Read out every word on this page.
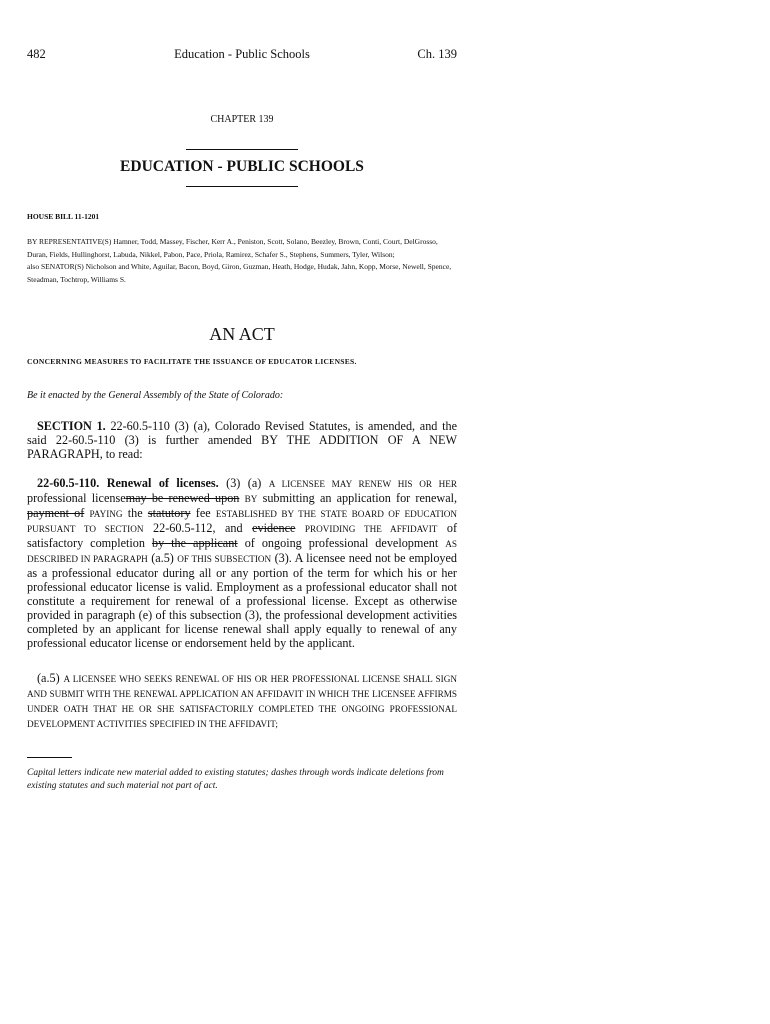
482	Education - Public Schools	Ch. 139
CHAPTER 139
EDUCATION - PUBLIC SCHOOLS
HOUSE BILL 11-1201
BY REPRESENTATIVE(S) Hamner, Todd, Massey, Fischer, Kerr A., Peniston, Scott, Solano, Beezley, Brown, Conti, Court, DelGrosso, Duran, Fields, Hullinghorst, Labuda, Nikkel, Pabon, Pace, Priola, Ramirez, Schafer S., Stephens, Summers, Tyler, Wilson;
also SENATOR(S) Nicholson and White, Aguilar, Bacon, Boyd, Giron, Guzman, Heath, Hodge, Hudak, Jahn, Kopp, Morse, Newell, Spence, Steadman, Tochtrop, Williams S.
AN ACT
CONCERNING MEASURES TO FACILITATE THE ISSUANCE OF EDUCATOR LICENSES.
Be it enacted by the General Assembly of the State of Colorado:
SECTION 1. 22-60.5-110 (3) (a), Colorado Revised Statutes, is amended, and the said 22-60.5-110 (3) is further amended BY THE ADDITION OF A NEW PARAGRAPH, to read:
22-60.5-110. Renewal of licenses. (3) (a) A LICENSEE MAY RENEW HIS OR HER professional licensemay be renewed upon BY submitting an application for renewal, payment of PAYING the statutory fee ESTABLISHED BY THE STATE BOARD OF EDUCATION PURSUANT TO SECTION 22-60.5-112, and evidence PROVIDING THE AFFIDAVIT of satisfactory completion by the applicant of ongoing professional development AS DESCRIBED IN PARAGRAPH (a.5) OF THIS SUBSECTION (3). A licensee need not be employed as a professional educator during all or any portion of the term for which his or her professional educator license is valid. Employment as a professional educator shall not constitute a requirement for renewal of a professional license. Except as otherwise provided in paragraph (e) of this subsection (3), the professional development activities completed by an applicant for license renewal shall apply equally to renewal of any professional educator license or endorsement held by the applicant.
(a.5) A LICENSEE WHO SEEKS RENEWAL OF HIS OR HER PROFESSIONAL LICENSE SHALL SIGN AND SUBMIT WITH THE RENEWAL APPLICATION AN AFFIDAVIT IN WHICH THE LICENSEE AFFIRMS UNDER OATH THAT HE OR SHE SATISFACTORILY COMPLETED THE ONGOING PROFESSIONAL DEVELOPMENT ACTIVITIES SPECIFIED IN THE AFFIDAVIT;
Capital letters indicate new material added to existing statutes; dashes through words indicate deletions from existing statutes and such material not part of act.
